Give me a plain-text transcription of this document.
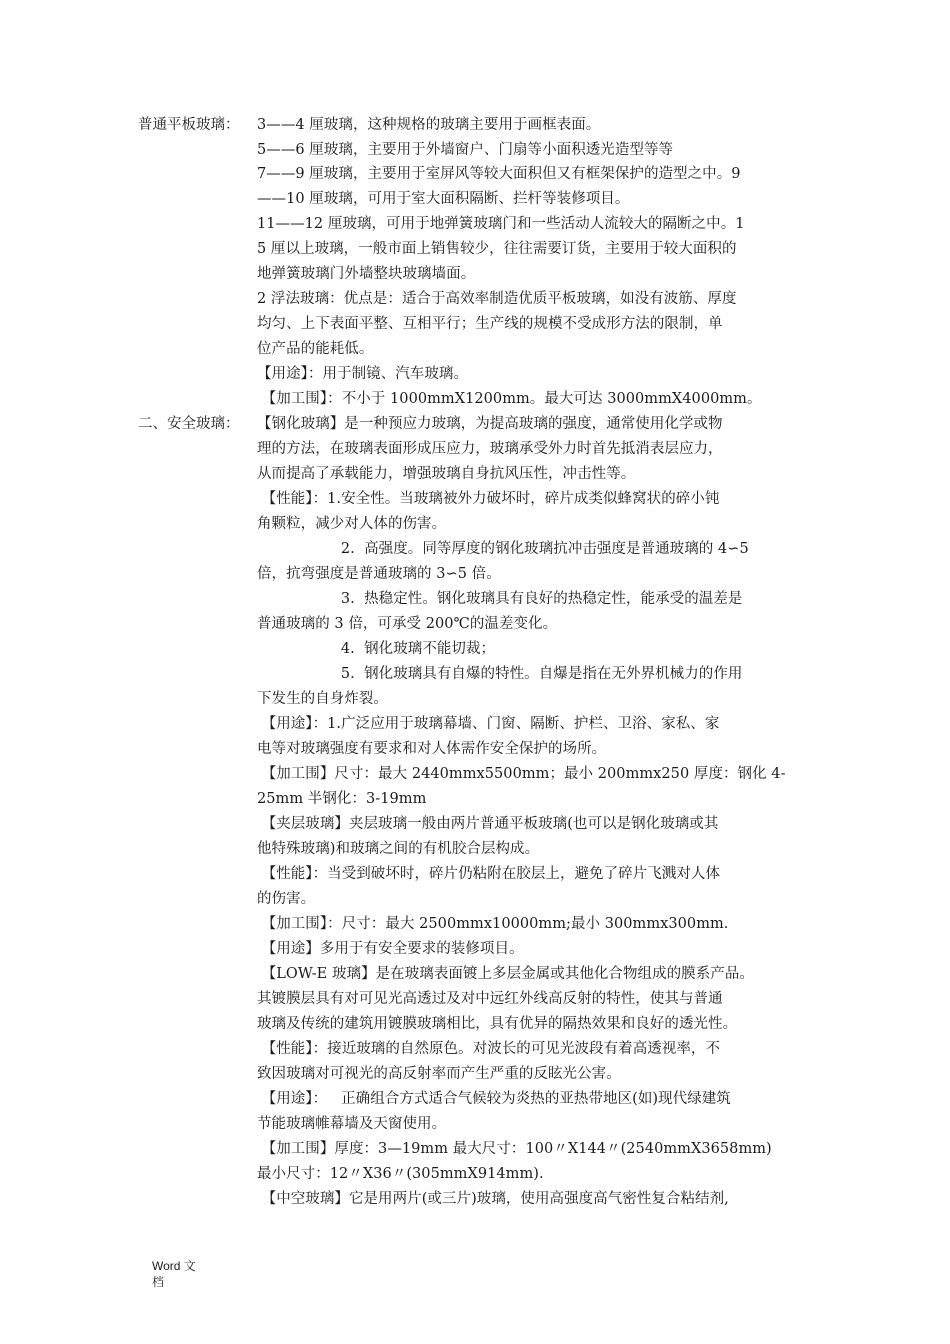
普通平板玻璃：
二、安全玻璃：
3——4 厘玻璃，这种规格的玻璃主要用于画框表面。
5——6 厘玻璃，主要用于外墙窗户、门扇等小面积透光造型等等
7——9 厘玻璃，主要用于室屏风等较大面积但又有框架保护的造型之中。9
——10 厘玻璃，可用于室大面积隔断、拦杆等装修项目。
11——12 厘玻璃，可用于地弹簧玻璃门和一些活动人流较大的隔断之中。1
5 厘以上玻璃，一般市面上销售较少，往往需要订货，主要用于较大面积的
地弹簧玻璃门外墙整块玻璃墙面。
2 浮法玻璃：优点是：适合于高效率制造优质平板玻璃，如没有波筋、厚度
均匀、上下表面平整、互相平行；生产线的规模不受成形方法的限制，单
位产品的能耗低。
【用途】：用于制镜、汽车玻璃。
【加工围】：不小于 1000mmX1200mm。最大可达 3000mmX4000mm。
【钢化玻璃】是一种预应力玻璃，为提高玻璃的强度，通常使用化学或物
理的方法，在玻璃表面形成压应力，玻璃承受外力时首先抵消表层应力，
从而提高了承载能力，增强玻璃自身抗风压性，冲击性等。
【性能】：1.安全性。当玻璃被外力破坏时，碎片成类似蜂窝状的碎小钝
角颗粒，减少对人体的伤害。
2.  高强度。同等厚度的钢化玻璃抗冲击强度是普通玻璃的 4∽5
倍，抗弯强度是普通玻璃的 3∽5 倍。
3.  热稳定性。钢化玻璃具有良好的热稳定性，能承受的温差是
普通玻璃的 3 倍，可承受 200℃的温差变化。
4.  钢化玻璃不能切裁；
5.  钢化玻璃具有自爆的特性。自爆是指在无外界机械力的作用
下发生的自身炸裂。
【用途】：1.广泛应用于玻璃幕墙、门窗、隔断、护栏、卫浴、家私、家
电等对玻璃强度有要求和对人体需作安全保护的场所。
【加工围】尺寸：最大 2440mmx5500mm；最小 200mmx250 厚度：钢化 4-
25mm 半钢化：3-19mm
【夹层玻璃】夹层玻璃一般由两片普通平板玻璃(也可以是钢化玻璃或其
他特殊玻璃)和玻璃之间的有机胶合层构成。
【性能】：当受到破坏时，碎片仍粘附在胶层上，避免了碎片飞溅对人体
的伤害。
【加工围】：尺寸：最大 2500mmx10000mm;最小 300mmx300mm.
【用途】多用于有安全要求的装修项目。
【LOW-E 玻璃】是在玻璃表面镀上多层金属或其他化合物组成的膜系产品。
其镀膜层具有对可见光高透过及对中远红外线高反射的特性，使其与普通
玻璃及传统的建筑用镀膜玻璃相比，具有优异的隔热效果和良好的透光性。
【性能】：接近玻璃的自然原色。对波长的可见光波段有着高透视率，不
致因玻璃对可视光的高反射率而产生严重的反眩光公害。
【用途】：   正确组合方式适合气候较为炎热的亚热带地区(如)现代绿建筑
节能玻璃帷幕墙及天窗使用。
【加工围】厚度：3—19mm 最大尺寸：100〃X144〃(2540mmX3658mm)
最小尺寸：12〃X36〃(305mmX914mm).
【中空玻璃】它是用两片(或三片)玻璃，使用高强度高气密性复合粘结剂,
Word 文
档
